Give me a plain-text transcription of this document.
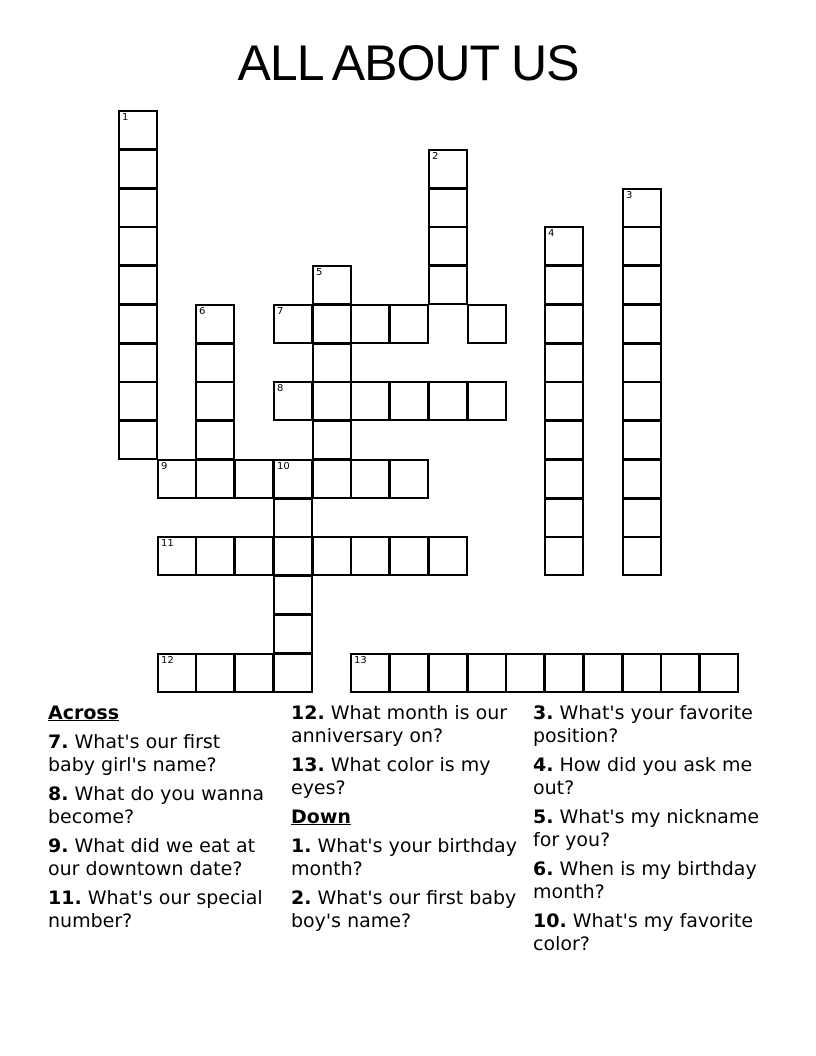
ALL ABOUT US
1
2
3
4
5
6	7
8
9	10
11
12	13
Across
7. What's our first baby girl's name?
8. What do you wanna become?
9. What did we eat at our downtown date?
11. What's our special number?
12. What month is our anniversary on?
13. What color is my eyes?
Down
1. What's your birthday month?
2. What's our first baby boy's name?
3. What's your favorite position?
4. How did you ask me out?
5. What's my nickname for you?
6. When is my birthday month?
10. What's my favorite color?
